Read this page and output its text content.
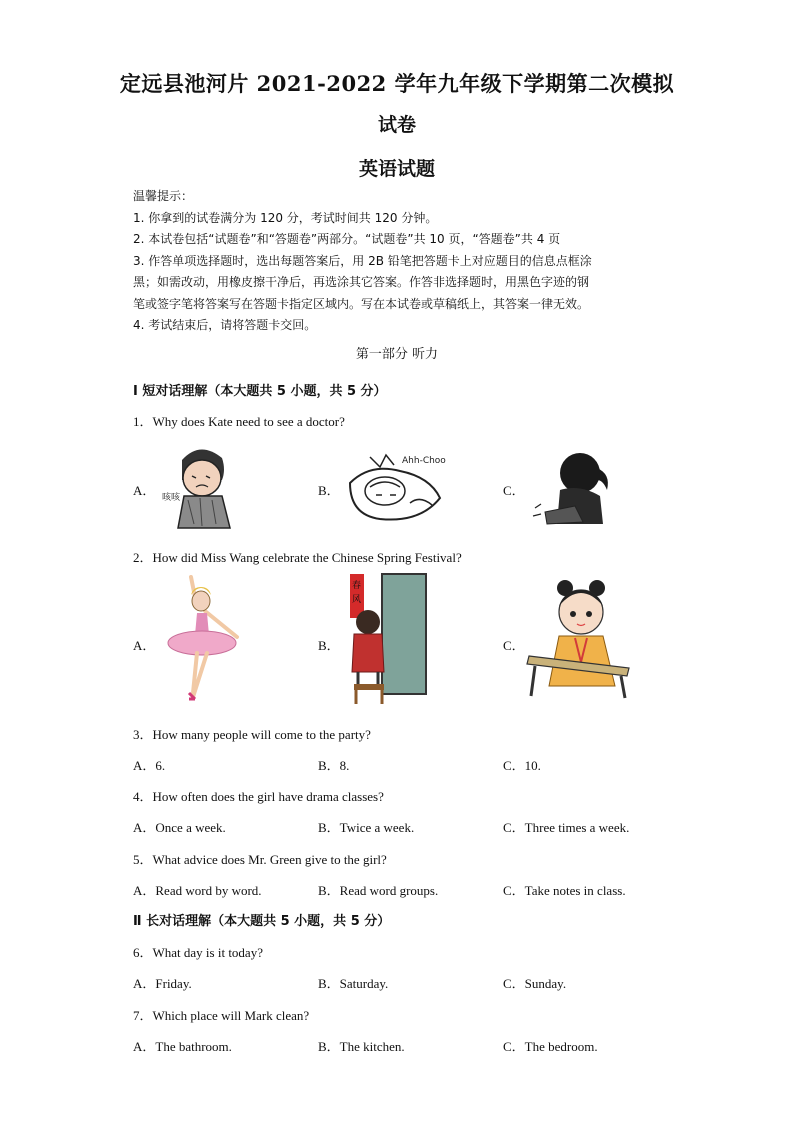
定远县池河片 2021-2022 学年九年级下学期第二次模拟
试卷
英语试题
温馨提示：
1. 你拿到的试卷满分为 120 分，考试时间共 120 分钟。
2. 本试卷包括“试题卷”和“答题卷”两部分。“试题卷”共 10 页，“答题卷”共 4 页
3. 作答单项选择题时，选出每题答案后，用 2B 铅笔把答题卡上对应题目的信息点框涂
黑；如需改动，用橡皮擦干净后，再选涂其它答案。作答非选择题时，用黑色字迹的钢
笔或签字笔将答案写在答题卡指定区域内。写在本试卷或草稿纸上，其答案一律无效。
4. 考试结束后，请将答题卡交回。
第一部分 听力
Ⅰ 短对话理解（本大题共 5 小题，共 5 分）
1．Why does Kate need to see a doctor?
A．	B．	C．
咳咳
Ahh-Choo
2．How did Miss Wang celebrate the Chinese Spring Festival?
A．	B．	C．
春
风
3．How many people will come to the party?
A．6.	B．8.	C．10.
4．How often does the girl have drama classes?
A．Once a week.	B．Twice a week.	C．Three times a week.
5．What advice does Mr. Green give to the girl?
A．Read word by word.	B．Read word groups.	C．Take notes in class.
Ⅱ 长对话理解（本大题共 5 小题，共 5 分）
6．What day is it today?
A．Friday.	B．Saturday.	C．Sunday.
7．Which place will Mark clean?
A．The bathroom.	B．The kitchen.	C．The bedroom.
